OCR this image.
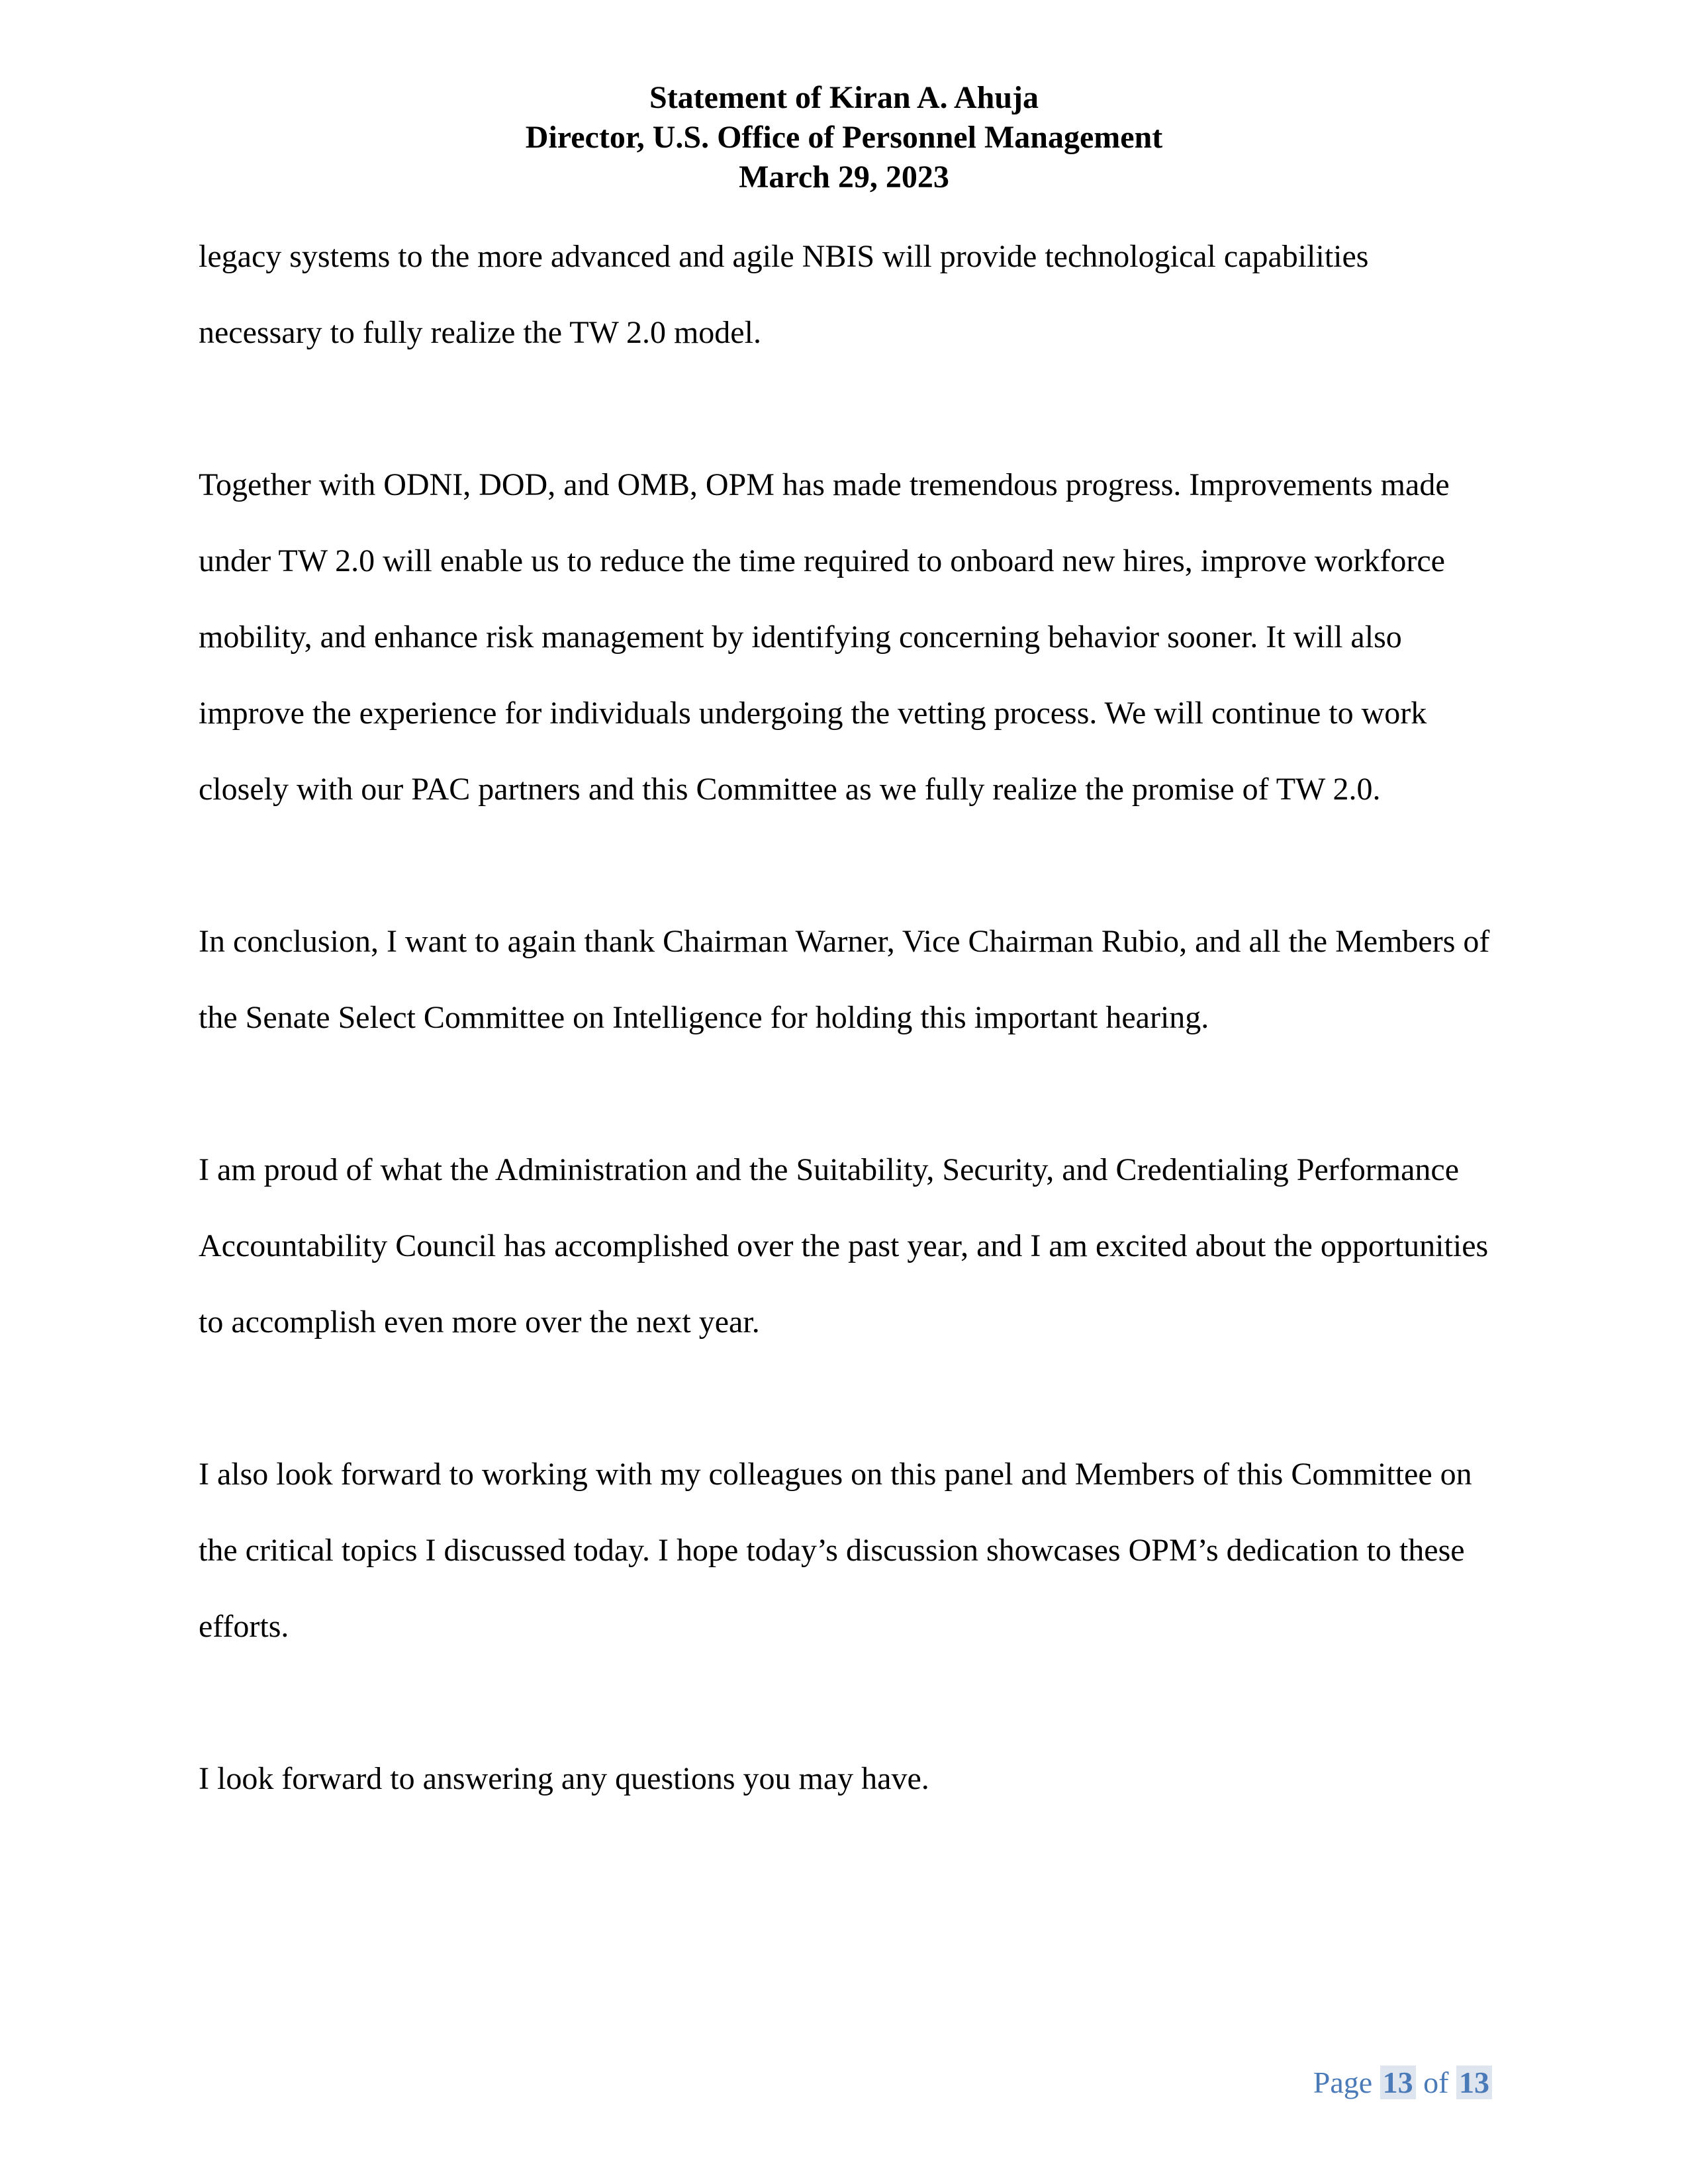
Statement of Kiran A. Ahuja
Director, U.S. Office of Personnel Management
March 29, 2023

legacy systems to the more advanced and agile NBIS will provide technological capabilities necessary to fully realize the TW 2.0 model.

Together with ODNI, DOD, and OMB, OPM has made tremendous progress. Improvements made under TW 2.0 will enable us to reduce the time required to onboard new hires, improve workforce mobility, and enhance risk management by identifying concerning behavior sooner. It will also improve the experience for individuals undergoing the vetting process. We will continue to work closely with our PAC partners and this Committee as we fully realize the promise of TW 2.0.

In conclusion, I want to again thank Chairman Warner, Vice Chairman Rubio, and all the Members of the Senate Select Committee on Intelligence for holding this important hearing.

I am proud of what the Administration and the Suitability, Security, and Credentialing Performance Accountability Council has accomplished over the past year, and I am excited about the opportunities to accomplish even more over the next year.

I also look forward to working with my colleagues on this panel and Members of this Committee on the critical topics I discussed today. I hope today’s discussion showcases OPM’s dedication to these efforts.

I look forward to answering any questions you may have.

Page 13 of 13
